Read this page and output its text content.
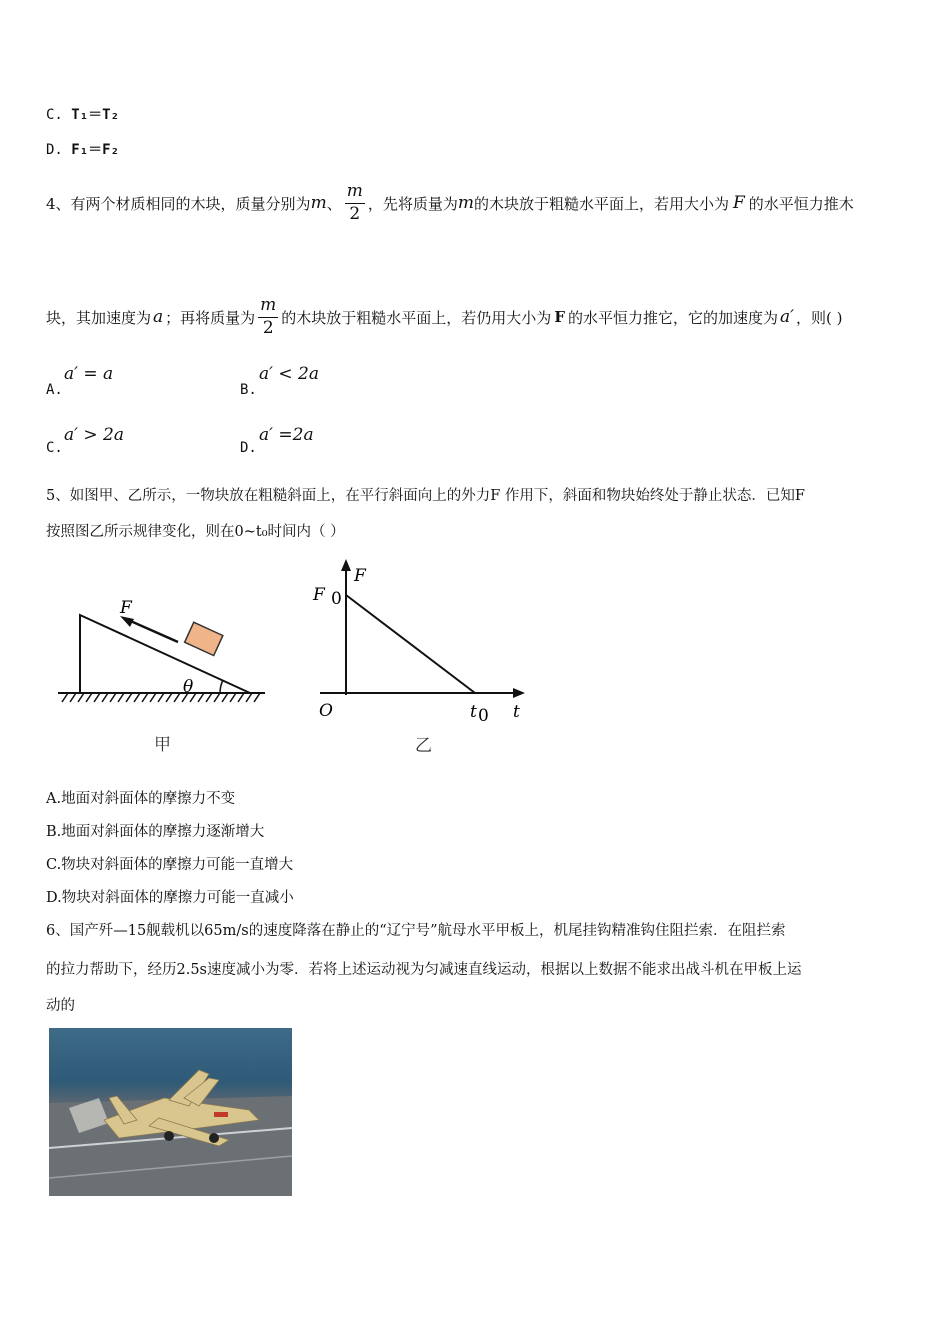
C. T₁＝T₂
D. F₁＝F₂
4、 有两个材质相同的木块，质量分别为 m 、 $\frac{m}{2}$ ，先将质量为 m 的木块放于粗糙水平面上，若用大小为 F 的水平恒力推木
块，其加速度为 a ；再将质量为 $\frac{m}{2}$ 的木块放于粗糙水平面上，若仍用大小为 F 的水平恒力推它，它的加速度为 a′ ，则( )
A.
a′ = a
B.
a′ < 2a
C.
a′ > 2a
D.
a′ =2a
5、如图甲、乙所示，一物块放在粗糙斜面上，在平行斜面向上的外力F 作用下，斜面和物块始终处于静止状态．已知F
按照图乙所示规律变化，则在0~t₀时间内（ ）
F
θ
甲
F
F 0
O	t 0 t
乙
A.地面对斜面体的摩擦力不变
B.地面对斜面体的摩擦力逐渐增大
C.物块对斜面体的摩擦力可能一直增大
D.物块对斜面体的摩擦力可能一直减小
6、国产歼—15舰载机以65m/s的速度降落在静止的“辽宁号”航母水平甲板上，机尾挂钩精准钩住阻拦索．在阻拦索
的拉力帮助下，经历2.5s速度减小为零．若将上述运动视为匀减速直线运动，根据以上数据不能求出战斗机在甲板上运
动的
